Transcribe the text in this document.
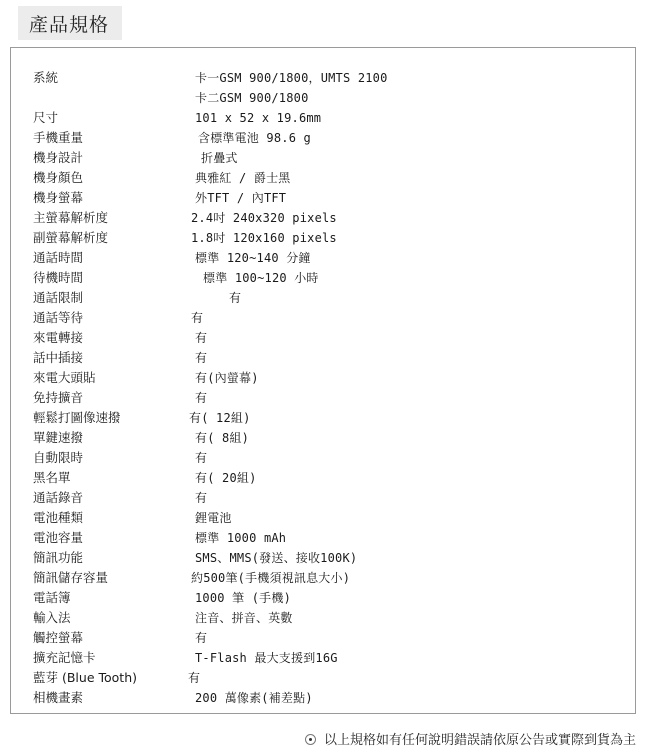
產品規格
系統	卡一GSM 900/1800，UMTS 2100
卡二GSM 900/1800
尺寸	101 x 52 x 19.6mm
手機重量	含標準電池 98.6 g
機身設計	折疊式
機身顏色	典雅紅 / 爵士黑
機身螢幕	外TFT / 內TFT
主螢幕解析度	2.4吋 240x320 pixels
副螢幕解析度	1.8吋 120x160 pixels
通話時間	標準 120~140 分鐘
待機時間	標準 100~120 小時
通話限制	有
通話等待	有
來電轉接	有
話中插接	有
來電大頭貼	有(內螢幕)
免持擴音	有
輕鬆打圖像速撥	有( 12組)
單鍵速撥	有( 8組)
自動限時	有
黑名單	有( 20組)
通話錄音	有
電池種類	鋰電池
電池容量	標準 1000 mAh
簡訊功能	SMS、MMS(發送、接收100K)
簡訊儲存容量	約500筆(手機須視訊息大小)
電話簿	1000 筆 (手機)
輸入法	注音、拼音、英數
觸控螢幕	有
擴充記憶卡	T-Flash 最大支援到16G
藍芽 (Blue Tooth)	有
相機畫素	200 萬像素(補差點)
以上規格如有任何說明錯誤請依原公告或實際到貨為主
